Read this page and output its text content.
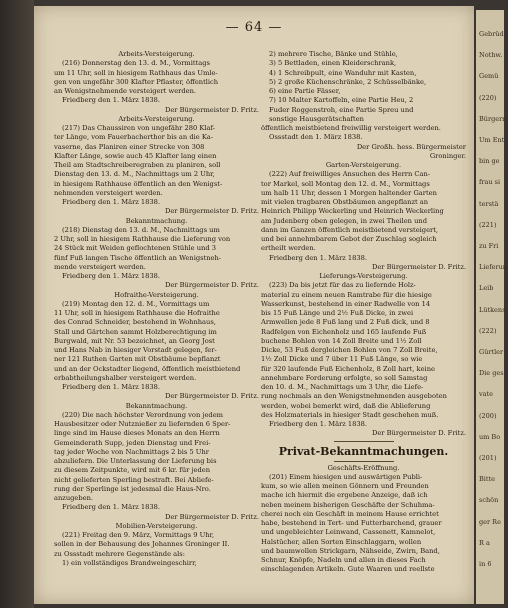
— 64 —

Arbeits-Versteigerung.

(216) Donnerstag den 13. d. M., Vormittags

um 11 Uhr, soll in hiesigem Rathhaus das Umle-

gen von ungefähr 300 Klafter Pflaster, öffentlich

an Wenigstnehmende versteigert werden.

Friedberg den 1. März 1838.

Der Bürgermeister D. Fritz.

Arbeits-Versteigerung.

(217) Das Chaussiren von ungefähr 280 Klaf-

ter Länge, vom Fauerbacherthor bis an die Ka-

vaserne, das Planiren einer Strecke von 308

Klafter Länge, sowie auch 45 Klafter lang einen

Theil am Stadtschreiberegraben zu planiren, soll

Dienstag den 13. d. M., Nachmittags um 2 Uhr,

in hiesigem Rathhause öffentlich an den Wenigst-

nehmenden versteigert werden.

Friedberg den 1. März 1838.

Der Bürgermeister D. Fritz.

Bekanntmachung.

(218) Dienstag den 13. d. M., Nachmittags um

2 Uhr, soll in hiesigem Rathhause die Lieferung von

24 Stück mit Weiden geflochtenen Stühle und 3

fünf Fuß langen Tische öffentlich an Wenigstneh-

mende versteigert werden.

Friedberg den 1. März 1838.

Der Bürgermeister D. Fritz.

Hofraithe-Versteigerung.

(219) Montag den 12. d. M., Vormittags um

11 Uhr, soll in hiesigem Rathhause die Hofraithe

des Conrad Schneider, bestehend in Wohnhaus,

Stall und Gärtchen sammt Holzberechtigung im

Burgwald, mit Nr. 53 bezeichnet, an Georg Jost

und Hans Nab in hiesiger Vorstadt gelegen, fer-

ner 121 Ruthen Garten mit Obstbäume bepflanzt

und an der Ockstadter liegend, öffentlich meistbietend

erbabtheilungshalber versteigert werden.

Friedberg den 1. März 1838.

Der Bürgermeister D. Fritz.

Bekanntmachung.

(220) Die nach höchster Verordnung von jedem

Hausbesitzer oder Nutznießer zu liefernden 6 Sper-

linge sind im Hause dieses Monats an den Herrn

Gemeinderath Supp, jeden Dienstag und Frei-

tag jeder Woche von Nachmittags 2 bis 5 Uhr

abzuliefern. Die Unterlassung der Lieferung bis

zu diesem Zeitpunkte, wird mit 6 kr. für jeden

nicht gelieferten Sperling bestraft. Bei Abliefe-

rung der Sperlinge ist jedesmal die Haus-Nro.

anzugeben.

Friedberg den 1. März 1838.

Der Bürgermeister D. Fritz.

Mobilien-Versteigerung.

(221) Freitag den 9. März, Vormittags 9 Uhr,

sollen in der Behausung des Johannes Groninger II.

zu Ossstadt mehrere Gegenstände als:

1) ein vollständiges Brandweingeschirr,

2) mehrere Tische, Bänke und Stühle,

3) 5 Bettladen, einen Kleiderschrank,

4) 1 Schreibpult, eine Wanduhr mit Kasten,

5) 2 große Küchenschränke, 2 Schüsselbänke,

6) eine Partie Fässer,

7) 10 Malter Kartoffeln, eine Partie Heu, 2

Fuder Roggenstroh, eine Partie Spreu und

sonstige Hausgerätschaften

öffentlich meistbietend freiwillig versteigert werden.

Ossstadt den 1. März 1838.

Der Großh. hess. Bürgermeister

Groninger.

Garten-Versteigerung.

(222) Auf freiwilliges Ansuchen des Herrn Can-

tor Markel, soll Montag den 12. d. M., Vormittags

um halb 11 Uhr, dessen 1 Morgen haltender Garten

mit vielen tragbaren Obstbäumen angepflanzt an

Heinrich Philipp Weckerling und Heinrich Weckerling

am Judenberg oben gelegen, in zwei Theilen und

dann im Ganzen öffentlich meistbietend versteigert,

und bei annehmbarem Gebot der Zuschlag sogleich

ertheilt werden.

Friedberg den 1. März 1838.

Der Bürgermeister D. Fritz.

Lieferungs-Versteigerung.

(223) Da bis jetzt für das zu liefernde Holz-

material zu einem neuen Ramtrabe für die hiesige

Wasserkunst, bestehend in einer Radwelle von 14

bis 15 Fuß Länge und 2½ Fuß Dicke, in zwei

Armwellen jede 8 Fuß lang und 2 Fuß dick, und 8

Radfelgen von Eichenholz und 165 laufende Fuß

buchene Bohlen von 14 Zoll Breite und 1½ Zoll

Dicke, 53 Fuß dergleichen Bohlen von 7 Zoll Breite,

1½ Zoll Dicke und 7 über 11 Fuß Länge, so wie

für 320 laufende Fuß Eichenholz, 8 Zoll hart, keine

annehmbare Forderung erfolgte, so soll Samstag

den 10. d. M., Nachmittags um 3 Uhr, die Liefe-

rung nochmals an den Wenigstnehmenden ausgeboten

werden, wobei bemerkt wird, daß die Ablieferung

des Holzmaterials in hiesiger Stadt geschehen muß.

Friedberg den 1. März 1838.

Der Bürgermeister D. Fritz.

Privat-Bekanntmachungen.

Geschäfts-Eröffnung.

(201) Einem hiesigen und auswärtigen Publi-

kum, so wie allen meinen Gönnern und Freunden

mache ich hiermit die ergebene Anzeige, daß ich

neben meinem bisherigen Geschäfte der Schuhma-

cherei noch ein Geschäft in meinem Hause errichtet

habe, bestehend in Tert- und Futterbarchend, grauer

und ungebleichter Leinwand, Cassenett, Kamnelot,

Halstücher, allen Sorten Einschlaggarn, wollen

und baumwollen Strickgarn, Nähseide, Zwirn, Band,

Schnur, Knöpfe, Nadeln und allen in dieses Fach

einschlagenden Artikeln. Gute Waaren und reellste

Gebrüd
Nothw.
Gemü
(220)
Bürgerm
Um Ent
bin ge
frau si
terstä
(221)
zu Fri
Lieferun
Leib
Lütkens
(222)
Gürtler
Die ges
vate
(200)
um Bo
(201)
Bitte
schön
ger Re
R a
in 6
